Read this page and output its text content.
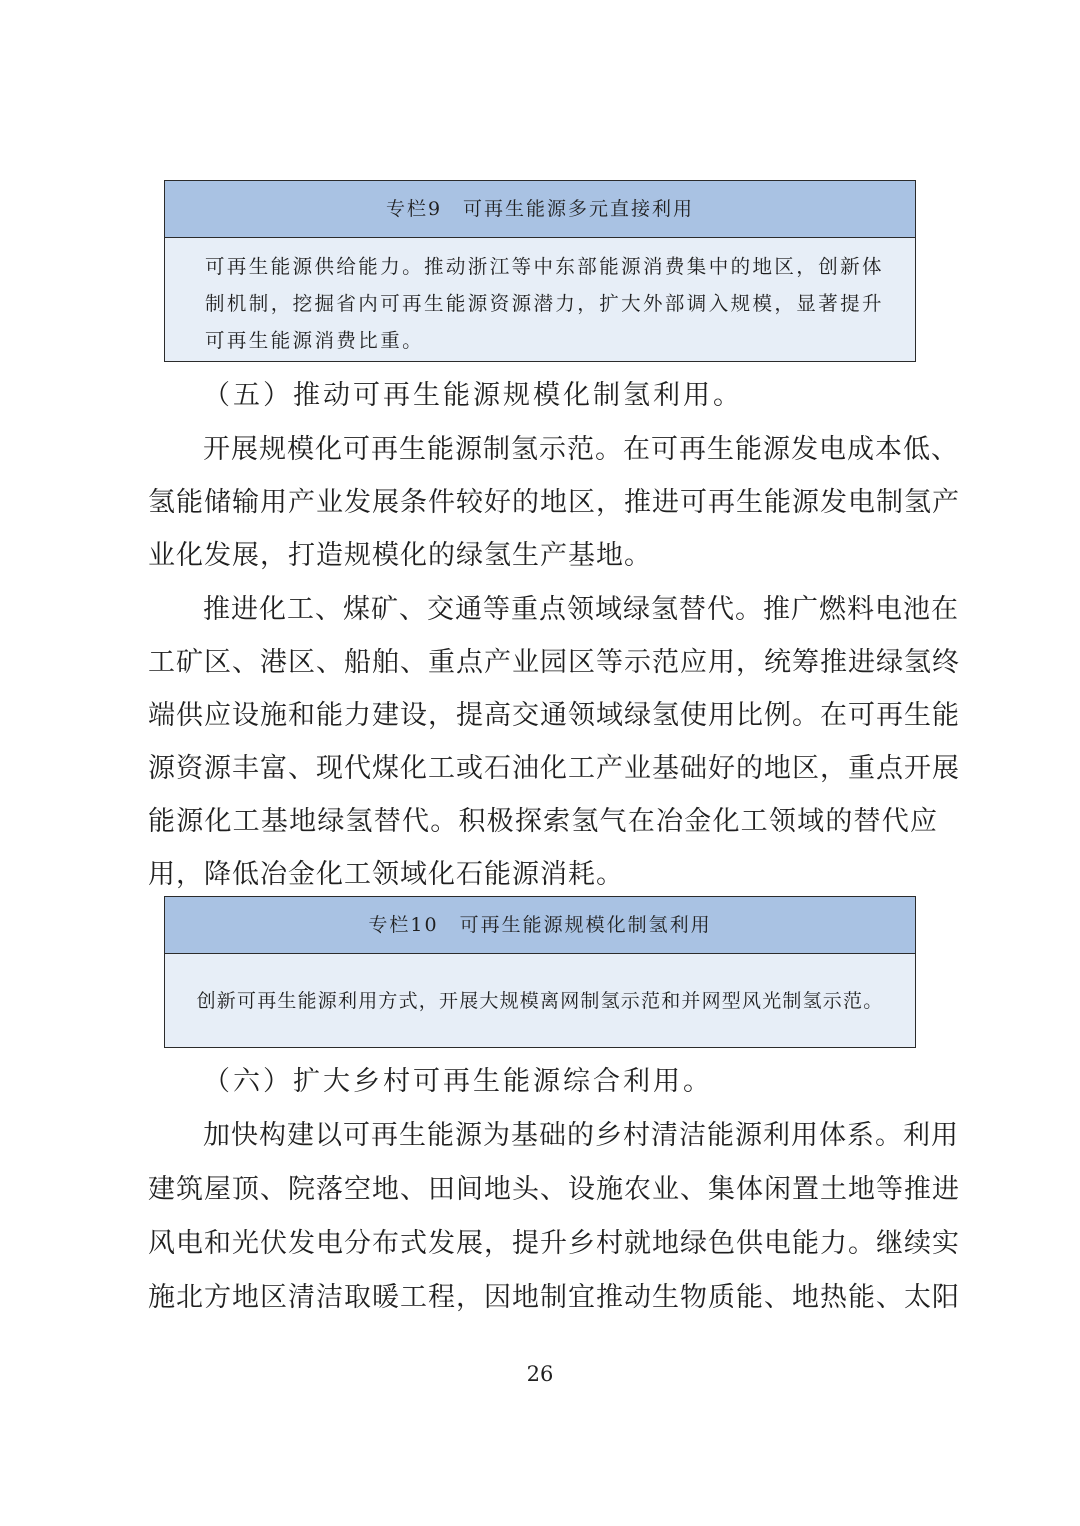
专栏9　可再生能源多元直接利用
可再生能源供给能力。推动浙江等中东部能源消费集中的地区，创新体制机制，挖掘省内可再生能源资源潜力，扩大外部调入规模，显著提升可再生能源消费比重。
（五）推动可再生能源规模化制氢利用。
开展规模化可再生能源制氢示范。在可再生能源发电成本低、
氢能储输用产业发展条件较好的地区，推进可再生能源发电制氢产
业化发展，打造规模化的绿氢生产基地。
推进化工、煤矿、交通等重点领域绿氢替代。推广燃料电池在
工矿区、港区、船舶、重点产业园区等示范应用，统筹推进绿氢终
端供应设施和能力建设，提高交通领域绿氢使用比例。在可再生能
源资源丰富、现代煤化工或石油化工产业基础好的地区，重点开展
能源化工基地绿氢替代。积极探索氢气在冶金化工领域的替代应
用，降低冶金化工领域化石能源消耗。
专栏10　可再生能源规模化制氢利用
创新可再生能源利用方式，开展大规模离网制氢示范和并网型风光制氢示范。
（六）扩大乡村可再生能源综合利用。
加快构建以可再生能源为基础的乡村清洁能源利用体系。利用
建筑屋顶、院落空地、田间地头、设施农业、集体闲置土地等推进
风电和光伏发电分布式发展，提升乡村就地绿色供电能力。继续实
施北方地区清洁取暖工程，因地制宜推动生物质能、地热能、太阳
26
